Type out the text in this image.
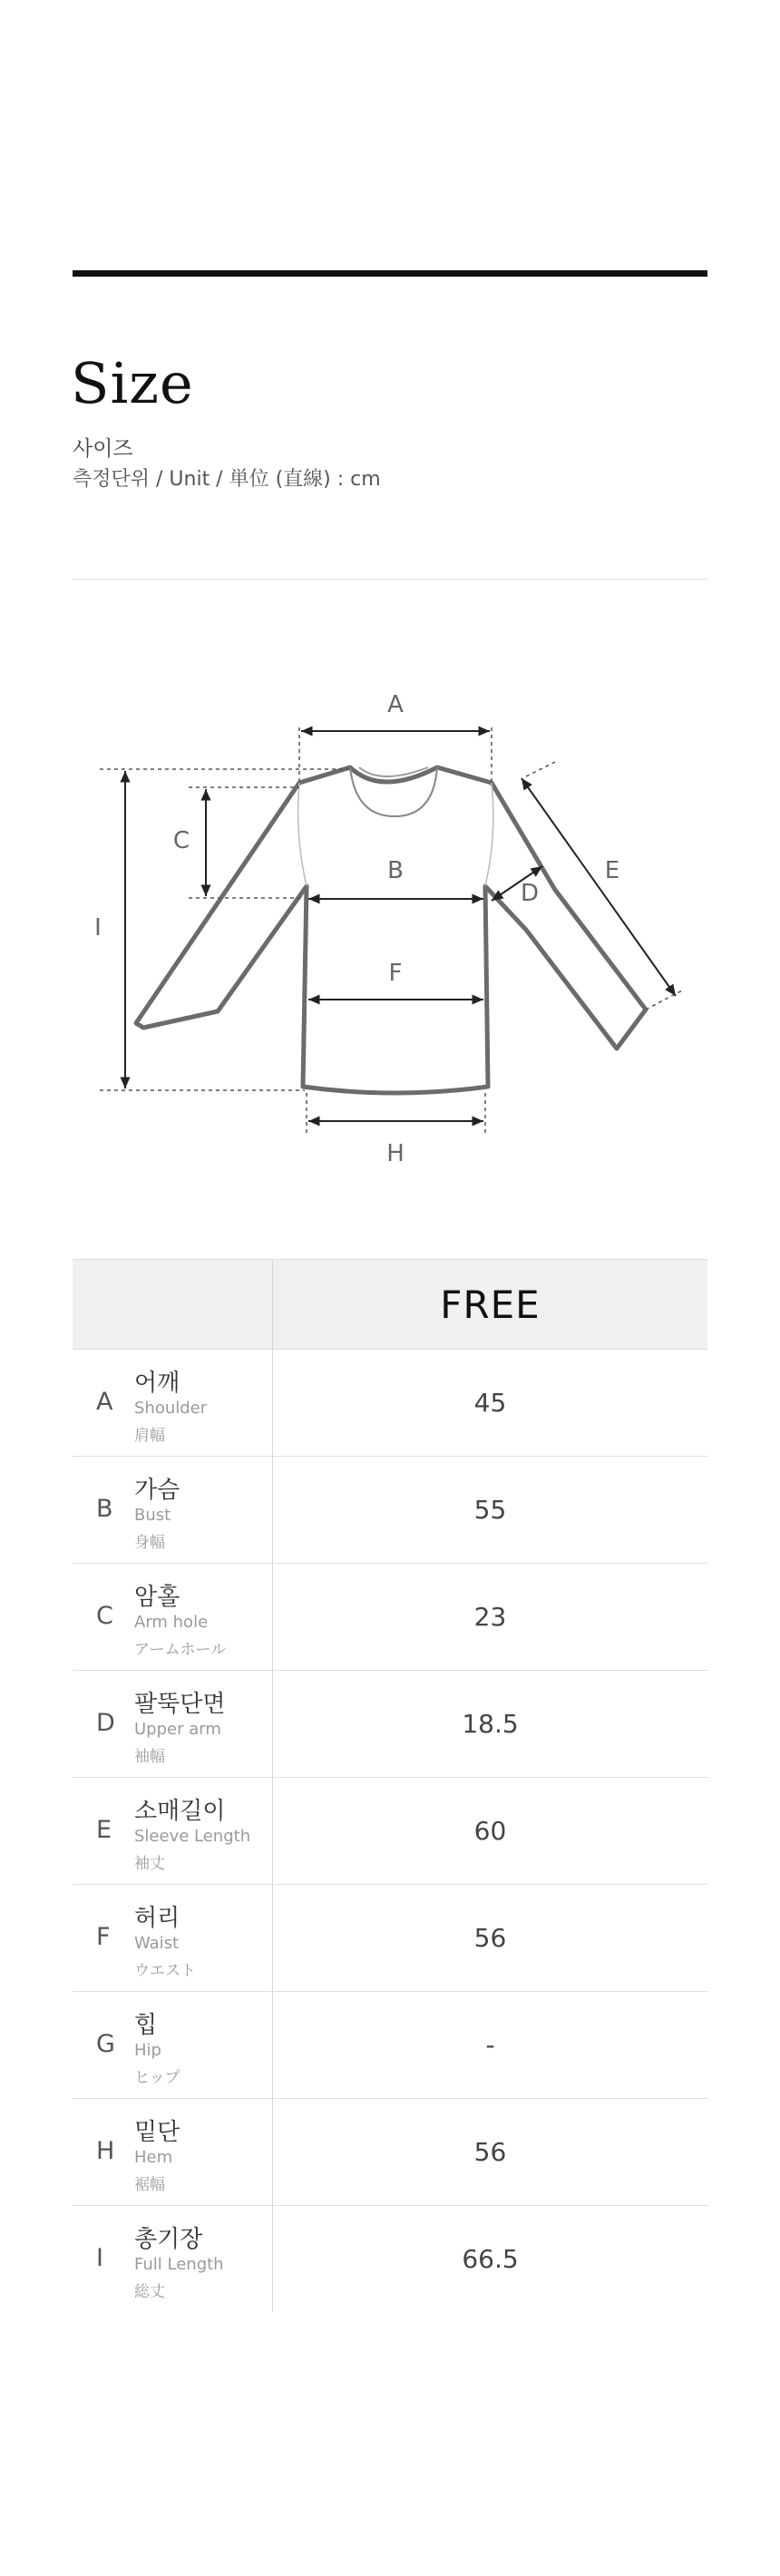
Size
사이즈
측정단위 / Unit / 単位 (直線) : cm
A
C
I
B
D
E
F
H
FREE
A
어깨
Shoulder
肩幅
45
B
가슴
Bust
身幅
55
C
암홀
Arm hole
アームホール
23
D
팔뚝단면
Upper arm
袖幅
18.5
E
소매길이
Sleeve Length
袖丈
60
F
허리
Waist
ウエスト
56
G
힙
Hip
ヒップ
-
H
밑단
Hem
裾幅
56
I
총기장
Full Length
総丈
66.5
